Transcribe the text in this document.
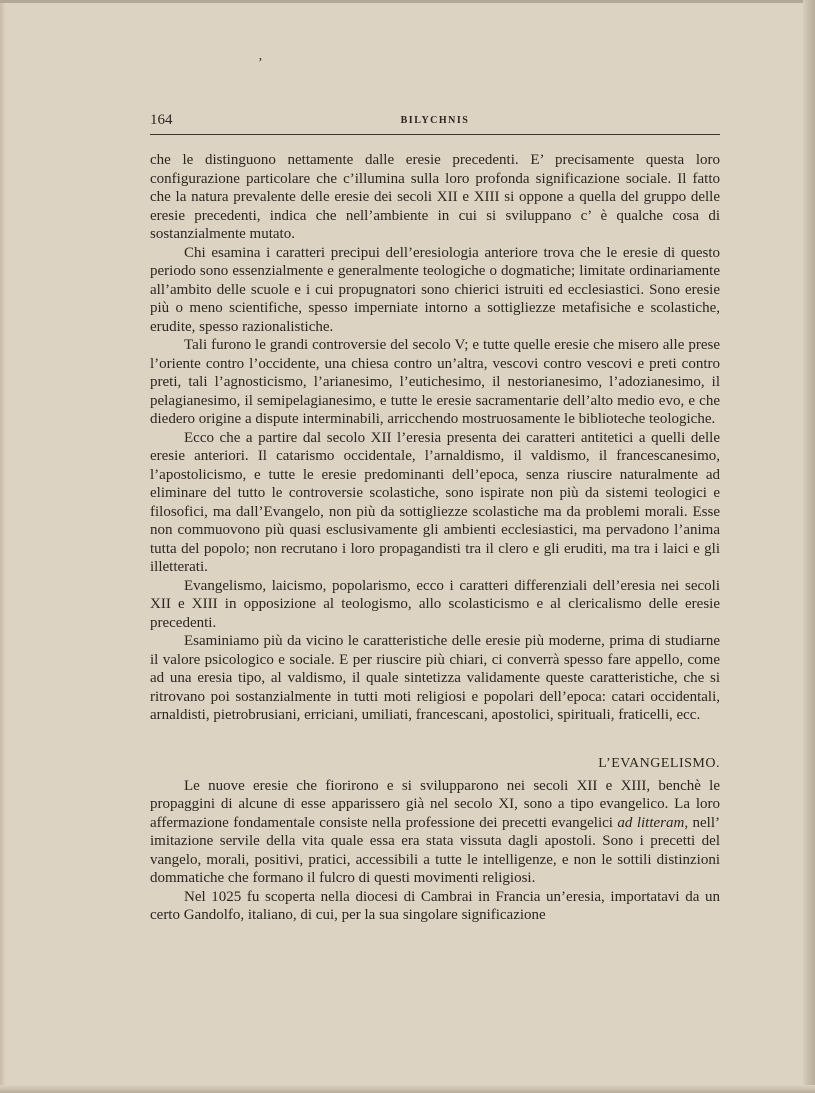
’
164	BILYCHNIS

che le distinguono nettamente dalle eresie precedenti. E’ precisamente questa loro configurazione particolare che c’illumina sulla loro profonda significazione sociale. Il fatto che la natura prevalente delle eresie dei secoli XII e XIII si oppone a quella del gruppo delle eresie precedenti, indica che nell’ambiente in cui si sviluppano c’ è qualche cosa di sostanzialmente mutato.

Chi esamina i caratteri precipui dell’eresiologia anteriore trova che le eresie di questo periodo sono essenzialmente e generalmente teologiche o dogmatiche; limitate ordinariamente all’ambito delle scuole e i cui propugnatori sono chierici istruiti ed ecclesiastici. Sono eresie più o meno scientifiche, spesso imperniate intorno a sottigliezze metafisiche e scolastiche, erudite, spesso razionalistiche.

Tali furono le grandi controversie del secolo V; e tutte quelle eresie che misero alle prese l’oriente contro l’occidente, una chiesa contro un’altra, vescovi contro vescovi e preti contro preti, tali l’agnosticismo, l’arianesimo, l’eutichesimo, il nestorianesimo, l’adozianesimo, il pelagianesimo, il semipelagianesimo, e tutte le eresie sacramentarie dell’alto medio evo, e che diedero origine a dispute interminabili, arricchendo mostruosamente le biblioteche teologiche.

Ecco che a partire dal secolo XII l’eresia presenta dei caratteri antitetici a quelli delle eresie anteriori. Il catarismo occidentale, l’arnaldismo, il valdismo, il francescanesimo, l’apostolicismo, e tutte le eresie predominanti dell’epoca, senza riuscire naturalmente ad eliminare del tutto le controversie scolastiche, sono ispirate non più da sistemi teologici e filosofici, ma dall’Evangelo, non più da sottigliezze scolastiche ma da problemi morali. Esse non commuovono più quasi esclusivamente gli ambienti ecclesiastici, ma pervadono l’anima tutta del popolo; non recrutano i loro propagandisti tra il clero e gli eruditi, ma tra i laici e gli illetterati.

Evangelismo, laicismo, popolarismo, ecco i caratteri differenziali dell’eresia nei secoli XII e XIII in opposizione al teologismo, allo scolasticismo e al clericalismo delle eresie precedenti.

Esaminiamo più da vicino le caratteristiche delle eresie più moderne, prima di studiarne il valore psicologico e sociale. E per riuscire più chiari, ci converrà spesso fare appello, come ad una eresia tipo, al valdismo, il quale sintetizza validamente queste caratteristiche, che si ritrovano poi sostanzialmente in tutti moti religiosi e popolari dell’epoca: catari occidentali, arnaldisti, pietrobrusiani, erriciani, umiliati, francescani, apostolici, spirituali, fraticelli, ecc.

L’EVANGELISMO.

Le nuove eresie che fiorirono e si svilupparono nei secoli XII e XIII, benchè le propaggini di alcune di esse apparissero già nel secolo XI, sono a tipo evangelico. La loro affermazione fondamentale consiste nella professione dei precetti evangelici ad litteram, nell’ imitazione servile della vita quale essa era stata vissuta dagli apostoli. Sono i precetti del vangelo, morali, positivi, pratici, accessibili a tutte le intelligenze, e non le sottili distinzioni dommatiche che formano il fulcro di questi movimenti religiosi.

Nel 1025 fu scoperta nella diocesi di Cambrai in Francia un’eresia, importatavi da un certo Gandolfo, italiano, di cui, per la sua singolare significazione
